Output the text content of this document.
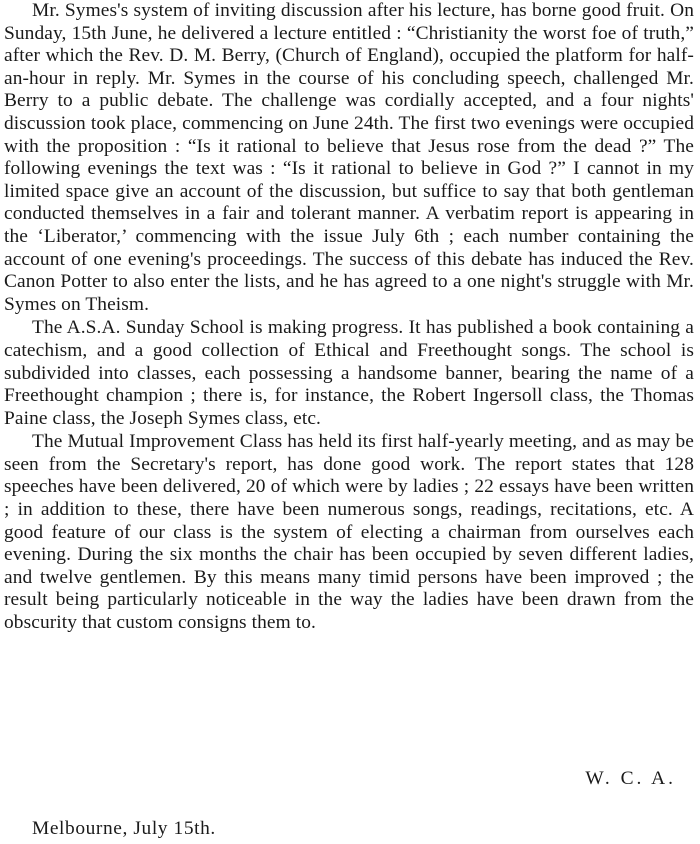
Mr. Symes's system of inviting discussion after his lecture, has borne good fruit. On Sunday, 15th June, he delivered a lecture entitled : “Christianity the worst foe of truth,” after which the Rev. D. M. Berry, (Church of England), occupied the platform for half-an-hour in reply. Mr. Symes in the course of his concluding speech, challenged Mr. Berry to a public debate. The challenge was cordially accepted, and a four nights' discussion took place, commencing on June 24th. The first two evenings were occupied with the proposition : “Is it rational to believe that Jesus rose from the dead ?” The following evenings the text was : “Is it rational to believe in God ?” I cannot in my limited space give an account of the discussion, but suffice to say that both gentleman conducted themselves in a fair and tolerant manner. A verbatim report is appearing in the ‘Liberator,’ commencing with the issue July 6th ; each number containing the account of one evening's proceedings. The success of this debate has induced the Rev. Canon Potter to also enter the lists, and he has agreed to a one night's struggle with Mr. Symes on Theism.

The A.S.A. Sunday School is making progress. It has published a book containing a catechism, and a good collection of Ethical and Freethought songs. The school is subdivided into classes, each possessing a handsome banner, bearing the name of a Freethought champion ; there is, for instance, the Robert Ingersoll class, the Thomas Paine class, the Joseph Symes class, etc.

The Mutual Improvement Class has held its first half-yearly meeting, and as may be seen from the Secretary's report, has done good work. The report states that 128 speeches have been delivered, 20 of which were by ladies ; 22 essays have been written ; in addition to these, there have been numerous songs, readings, recitations, etc. A good feature of our class is the system of electing a chairman from ourselves each evening. During the six months the chair has been occupied by seven different ladies, and twelve gentlemen. By this means many timid persons have been improved ; the result being particularly noticeable in the way the ladies have been drawn from the obscurity that custom consigns them to.

W. C. A.
Melbourne, July 15th.
